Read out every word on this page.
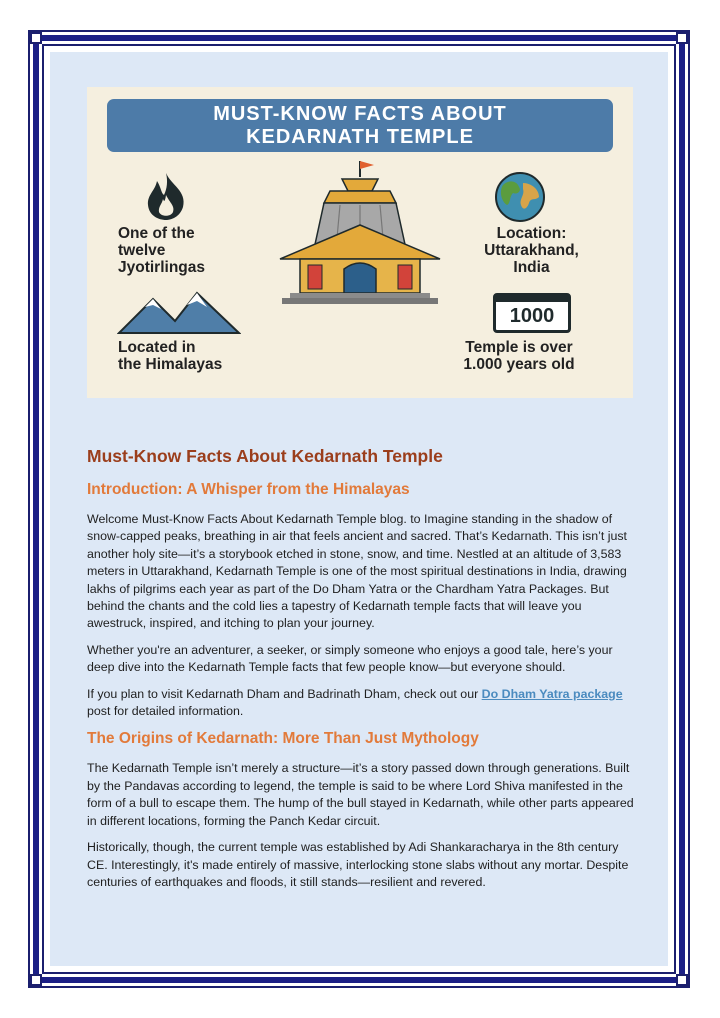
MUST-KNOW FACTS ABOUT
KEDARNATH TEMPLE
One of the
twelve
Jyotirlingas
Location:
Uttarakhand,
India
Located in
the Himalayas
1000
Temple is over
1.000 years old
Must-Know Facts About Kedarnath Temple
Introduction: A Whisper from the Himalayas

Welcome Must-Know Facts About Kedarnath Temple blog. to Imagine standing in the shadow of snow-capped peaks, breathing in air that feels ancient and sacred. That’s Kedarnath. This isn’t just another holy site—it’s a storybook etched in stone, snow, and time. Nestled at an altitude of 3,583 meters in Uttarakhand, Kedarnath Temple is one of the most spiritual destinations in India, drawing lakhs of pilgrims each year as part of the Do Dham Yatra or the Chardham Yatra Packages. But behind the chants and the cold lies a tapestry of Kedarnath temple facts that will leave you awestruck, inspired, and itching to plan your journey.

Whether you're an adventurer, a seeker, or simply someone who enjoys a good tale, here’s your deep dive into the Kedarnath Temple facts that few people know—but everyone should.

If you plan to visit Kedarnath Dham and Badrinath Dham, check out our Do Dham Yatra package post for detailed information.

The Origins of Kedarnath: More Than Just Mythology

The Kedarnath Temple isn’t merely a structure—it’s a story passed down through generations. Built by the Pandavas according to legend, the temple is said to be where Lord Shiva manifested in the form of a bull to escape them. The hump of the bull stayed in Kedarnath, while other parts appeared in different locations, forming the Panch Kedar circuit.

Historically, though, the current temple was established by Adi Shankaracharya in the 8th century CE. Interestingly, it's made entirely of massive, interlocking stone slabs without any mortar. Despite centuries of earthquakes and floods, it still stands—resilient and revered.
